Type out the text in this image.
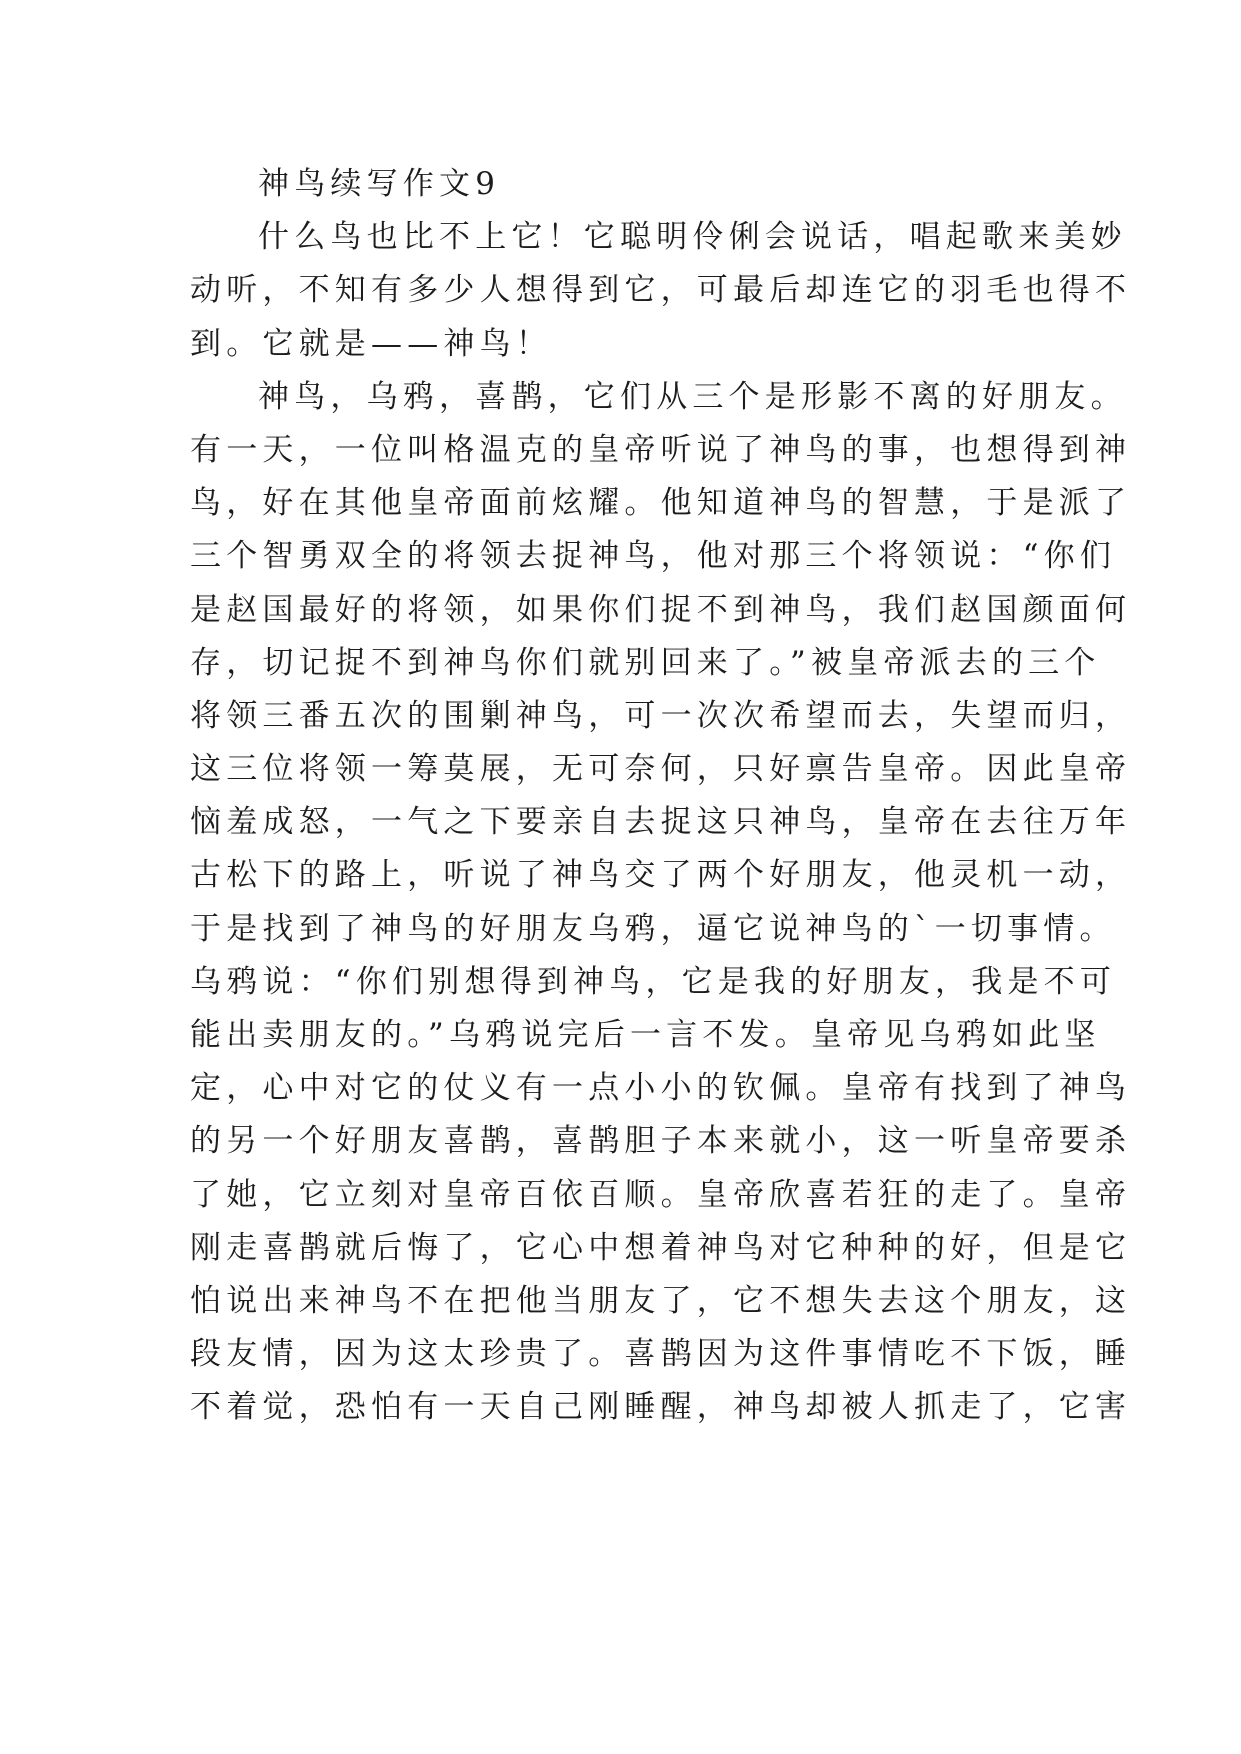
神鸟续写作文9
什么鸟也比不上它！它聪明伶俐会说话，唱起歌来美妙
动听，不知有多少人想得到它，可最后却连它的羽毛也得不
到。它就是——神鸟！
神鸟，乌鸦，喜鹊，它们从三个是形影不离的好朋友。
有一天，一位叫格温克的皇帝听说了神鸟的事，也想得到神
鸟，好在其他皇帝面前炫耀。他知道神鸟的智慧，于是派了
三个智勇双全的将领去捉神鸟，他对那三个将领说：“你们
是赵国最好的将领，如果你们捉不到神鸟，我们赵国颜面何
存，切记捉不到神鸟你们就别回来了。”被皇帝派去的三个
将领三番五次的围剿神鸟，可一次次希望而去，失望而归，
这三位将领一筹莫展，无可奈何，只好禀告皇帝。因此皇帝
恼羞成怒，一气之下要亲自去捉这只神鸟，皇帝在去往万年
古松下的路上，听说了神鸟交了两个好朋友，他灵机一动，
于是找到了神鸟的好朋友乌鸦，逼它说神鸟的`一切事情。
乌鸦说：“你们别想得到神鸟，它是我的好朋友，我是不可
能出卖朋友的。”乌鸦说完后一言不发。皇帝见乌鸦如此坚
定，心中对它的仗义有一点小小的钦佩。皇帝有找到了神鸟
的另一个好朋友喜鹊，喜鹊胆子本来就小，这一听皇帝要杀
了她，它立刻对皇帝百依百顺。皇帝欣喜若狂的走了。皇帝
刚走喜鹊就后悔了，它心中想着神鸟对它种种的好，但是它
怕说出来神鸟不在把他当朋友了，它不想失去这个朋友，这
段友情，因为这太珍贵了。喜鹊因为这件事情吃不下饭，睡
不着觉，恐怕有一天自己刚睡醒，神鸟却被人抓走了，它害
